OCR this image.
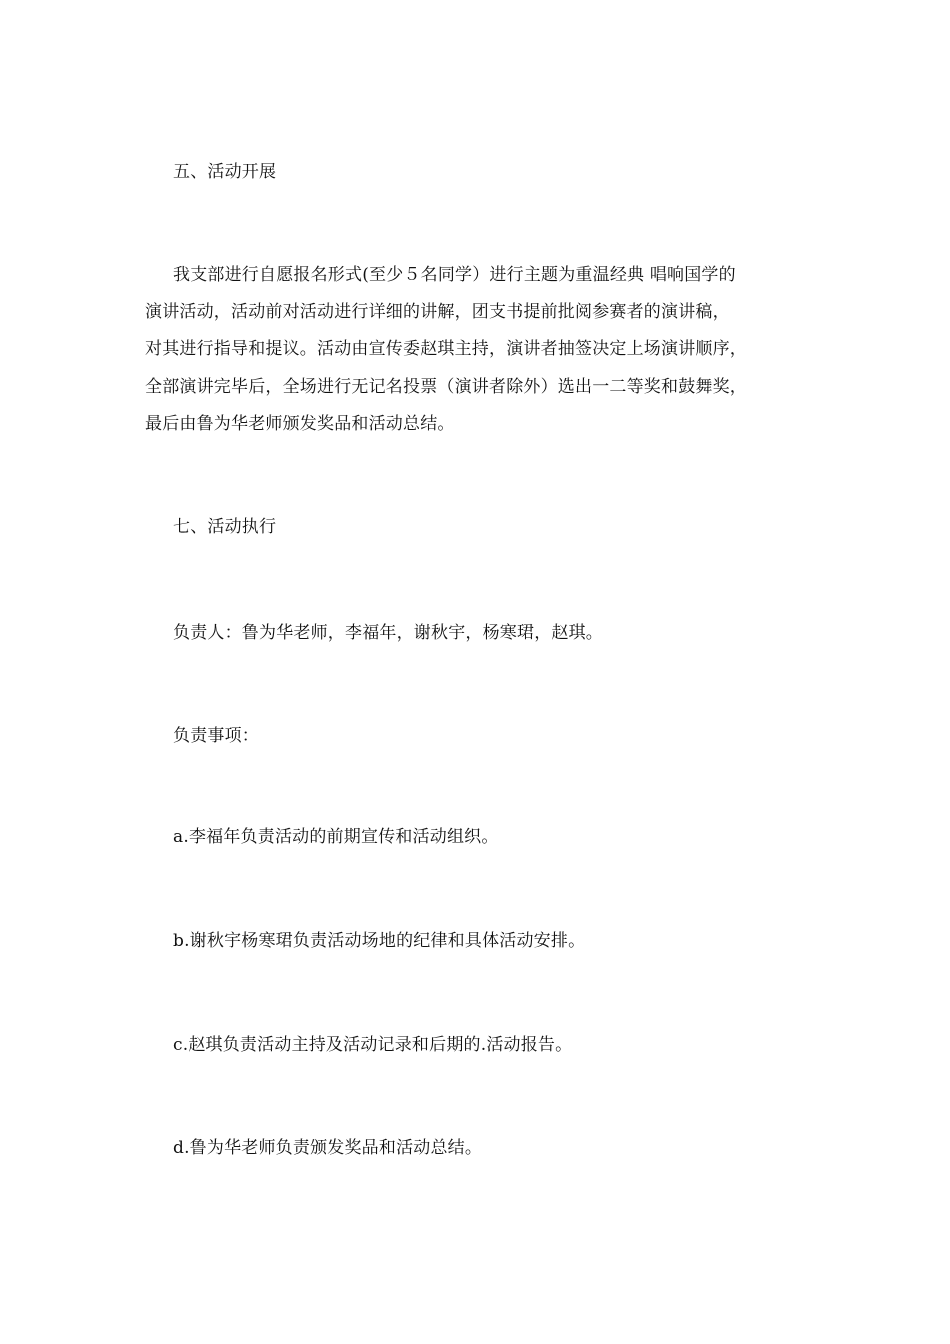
五、活动开展
我支部进行自愿报名形式(至少５名同学）进行主题为重温经典 唱响国学的
演讲活动，活动前对活动进行详细的讲解，团支书提前批阅参赛者的演讲稿，
对其进行指导和提议。活动由宣传委赵琪主持，演讲者抽签决定上场演讲顺序，
全部演讲完毕后，全场进行无记名投票（演讲者除外）选出一二等奖和鼓舞奖，
最后由鲁为华老师颁发奖品和活动总结。
七、活动执行
负责人：鲁为华老师，李福年，谢秋宇，杨寒珺，赵琪。
负责事项：
a.李福年负责活动的前期宣传和活动组织。
b.谢秋宇杨寒珺负责活动场地的纪律和具体活动安排。
c.赵琪负责活动主持及活动记录和后期的.活动报告。
d.鲁为华老师负责颁发奖品和活动总结。
